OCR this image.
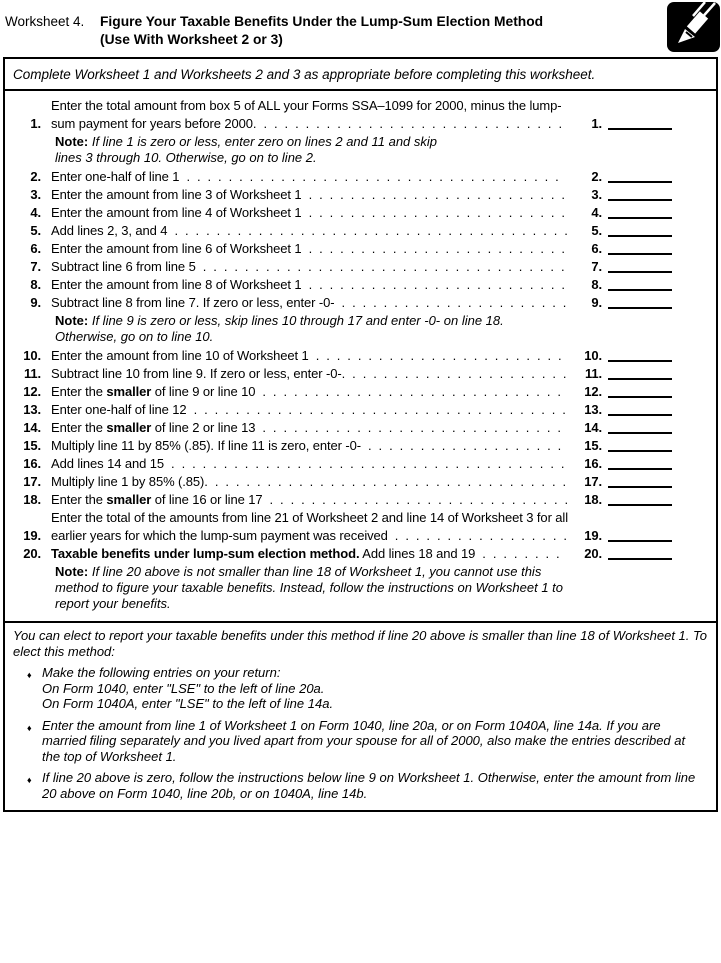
Worksheet 4.	Figure Your Taxable Benefits Under the Lump-Sum Election Method
(Use With Worksheet 2 or 3)
Complete Worksheet 1 and Worksheets 2 and 3 as appropriate before completing this worksheet.
1.
Enter the total amount from box 5 of ALL your Forms SSA–1099 for 2000, minus the lump-sum payment for years before 2000.  .  .  .  .  .  .  .  .  .  .  .  .  .  .  .  .  .  .  .  .  .  .  .  .  .  .  .  .  .	1.
Note: If line 1 is zero or less, enter zero on lines 2 and 11 and skip lines 3 through 10. Otherwise, go on to line 2.
2. Enter one-half of line 1  .  .  .  .  .  .  .  .  .  .  .  .  .  .  .  .  .  .  .  .  .  .  .  .  .  .  .  .  .  .  .  .  .  .  .  .	2.
3. Enter the amount from line 3 of Worksheet 1  .  .  .  .  .  .  .  .  .  .  .  .  .  .  .  .  .  .  .  .  .  .  .  .  .	3.
4. Enter the amount from line 4 of Worksheet 1  .  .  .  .  .  .  .  .  .  .  .  .  .  .  .  .  .  .  .  .  .  .  .  .  .	4.
5. Add lines 2, 3, and 4  .  .  .  .  .  .  .  .  .  .  .  .  .  .  .  .  .  .  .  .  .  .  .  .  .  .  .  .  .  .  .  .  .  .  .  .  .  .	5.
6. Enter the amount from line 6 of Worksheet 1  .  .  .  .  .  .  .  .  .  .  .  .  .  .  .  .  .  .  .  .  .  .  .  .  .	6.
7. Subtract line 6 from line 5  .  .  .  .  .  .  .  .  .  .  .  .  .  .  .  .  .  .  .  .  .  .  .  .  .  .  .  .  .  .  .  .  .  .  .	7.
8. Enter the amount from line 8 of Worksheet 1  .  .  .  .  .  .  .  .  .  .  .  .  .  .  .  .  .  .  .  .  .  .  .  .  .	8.
9. Subtract line 8 from line 7. If zero or less, enter -0-  .  .  .  .  .  .  .  .  .  .  .  .  .  .  .  .  .  .  .  .  .  .	9.
Note: If line 9 is zero or less, skip lines 10 through 17 and enter -0- on line 18. Otherwise, go on to line 10.
10. Enter the amount from line 10 of Worksheet 1  .  .  .  .  .  .  .  .  .  .  .  .  .  .  .  .  .  .  .  .  .  .  .  .	10.
11. Subtract line 10 from line 9. If zero or less, enter -0-.  .  .  .  .  .  .  .  .  .  .  .  .  .  .  .  .  .  .  .  .  .	11.
12. Enter the smaller of line 9 or line 10  .  .  .  .  .  .  .  .  .  .  .  .  .  .  .  .  .  .  .  .  .  .  .  .  .  .  .  .  .	12.
13. Enter one-half of line 12  .  .  .  .  .  .  .  .  .  .  .  .  .  .  .  .  .  .  .  .  .  .  .  .  .  .  .  .  .  .  .  .  .  .  .  .	13.
14. Enter the smaller of line 2 or line 13  .  .  .  .  .  .  .  .  .  .  .  .  .  .  .  .  .  .  .  .  .  .  .  .  .  .  .  .  .	14.
15. Multiply line 11 by 85% (.85). If line 11 is zero, enter -0-  .  .  .  .  .  .  .  .  .  .  .  .  .  .  .  .  .  .  .	15.
16. Add lines 14 and 15  .  .  .  .  .  .  .  .  .  .  .  .  .  .  .  .  .  .  .  .  .  .  .  .  .  .  .  .  .  .  .  .  .  .  .  .  .  .	16.
17. Multiply line 1 by 85% (.85).  .  .  .  .  .  .  .  .  .  .  .  .  .  .  .  .  .  .  .  .  .  .  .  .  .  .  .  .  .  .  .  .  .  .	17.
18. Enter the smaller of line 16 or line 17  .  .  .  .  .  .  .  .  .  .  .  .  .  .  .  .  .  .  .  .  .  .  .  .  .  .  .  .  .	18.
19.
Enter the total of the amounts from line 21 of Worksheet 2 and line 14 of Worksheet 3 for all earlier years for which the lump-sum payment was received  .  .  .  .  .  .  .  .  .  .  .  .  .  .  .  .  .	19.
20. Taxable benefits under lump-sum election method. Add lines 18 and 19  .  .  .  .  .  .  .  .	20.
Note: If line 20 above is not smaller than line 18 of Worksheet 1, you cannot use this method to figure your taxable benefits. Instead, follow the instructions on Worksheet 1 to report your benefits.
You can elect to report your taxable benefits under this method if line 20 above is smaller than line 18 of Worksheet 1. To elect this method:
♦ Make the following entries on your return:
On Form 1040, enter "LSE" to the left of line 20a.
On Form 1040A, enter "LSE" to the left of line 14a.
♦ Enter the amount from line 1 of Worksheet 1 on Form 1040, line 20a, or on Form 1040A, line 14a. If you are married filing separately and you lived apart from your spouse for all of 2000, also make the entries described at the top of Worksheet 1.
♦ If line 20 above is zero, follow the instructions below line 9 on Worksheet 1. Otherwise, enter the amount from line 20 above on Form 1040, line 20b, or on 1040A, line 14b.
